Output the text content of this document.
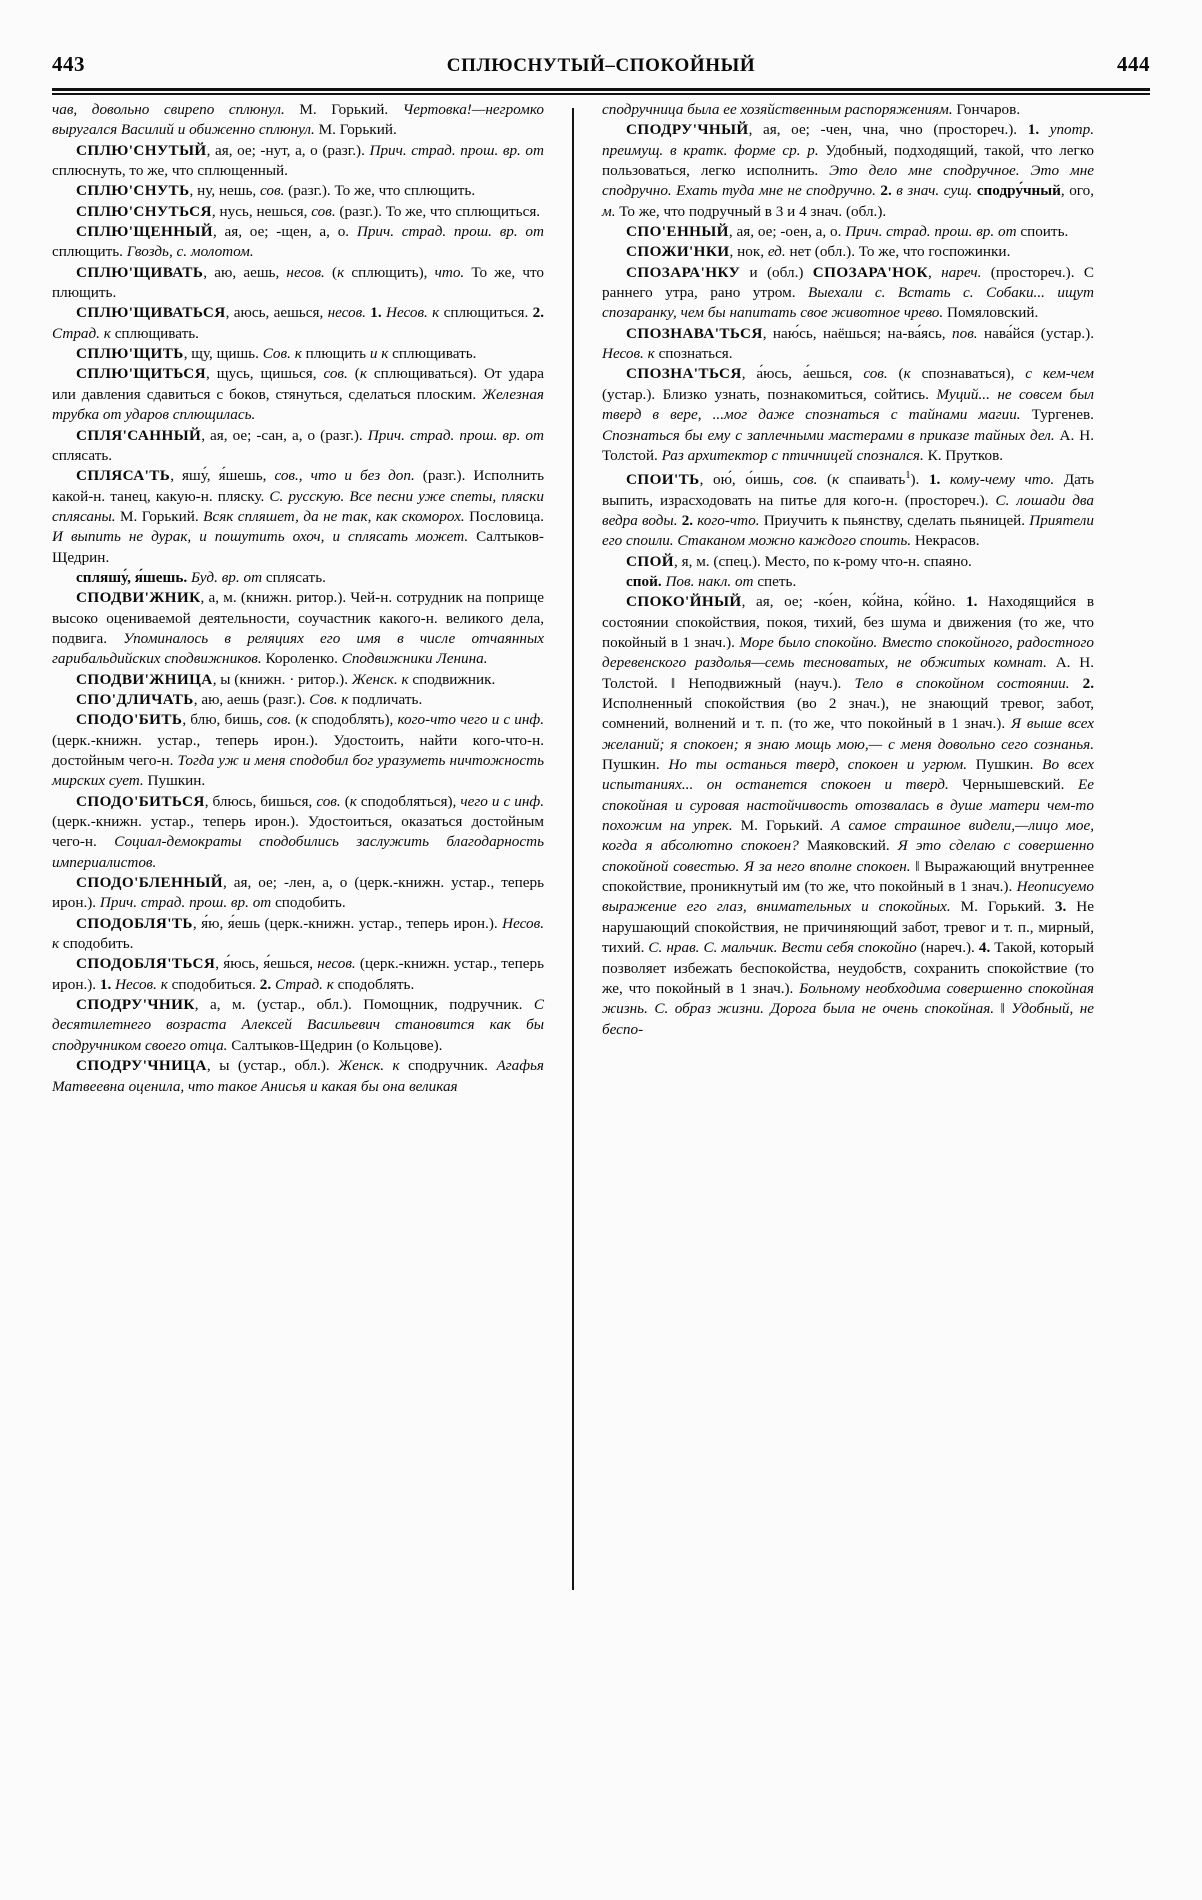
443	СПЛЮСНУТЫЙ–СПОКОЙНЫЙ	444

чав, довольно свирепо сплюнул. М. Горький. Чертовка!—негромко выругался Василий и обиженно сплюнул. М. Горький.

СПЛЮ'СНУТЫЙ, ая, ое; -нут, а, о (разг.). Прич. страд. прош. вр. от сплюснуть, то же, что сплющенный.

СПЛЮ'СНУТЬ, ну, нешь, сов. (разг.). То же, что сплющить.

СПЛЮ'СНУТЬСЯ, нусь, нешься, сов. (разг.). То же, что сплющиться.

СПЛЮ'ЩЕННЫЙ, ая, ое; -щен, а, о. Прич. страд. прош. вр. от сплющить. Гвоздь, с. молотом.

СПЛЮ'ЩИВАТЬ, аю, аешь, несов. (к сплющить), что. То же, что плющить.

СПЛЮ'ЩИВАТЬСЯ, аюсь, аешься, несов. 1. Несов. к сплющиться. 2. Страд. к сплющивать.

СПЛЮ'ЩИТЬ, щу, щишь. Сов. к плющить и к сплющивать.

СПЛЮ'ЩИТЬСЯ, щусь, щишься, сов. (к сплющиваться). От удара или давления сдавиться с боков, стянуться, сделаться плоским. Железная трубка от ударов сплющилась.

СПЛЯ'САННЫЙ, ая, ое; -сан, а, о (разг.). Прич. страд. прош. вр. от сплясать.

СПЛЯСА'ТЬ, яшу́, я́шешь, сов., что и без доп. (разг.). Исполнить какой-н. танец, какую-н. пляску. С. русскую. Все песни уже спеты, пляски сплясаны. М. Горький. Всяк спляшет, да не так, как скоморох. Пословица. И выпить не дурак, и пошутить охоч, и сплясать может. Салтыков-Щедрин.

спляшу́, я́шешь. Буд. вр. от сплясать.

СПОДВИ'ЖНИК, а, м. (книжн. ритор.). Чей-н. сотрудник на поприще высоко оцениваемой деятельности, соучастник какого-н. великого дела, подвига. Упоминалось в реляциях его имя в числе отчаянных гарибальдийских сподвижников. Короленко. Сподвижники Ленина.

СПОДВИ'ЖНИЦА, ы (книжн. · ритор.). Женск. к сподвижник.

СПО'ДЛИЧАТЬ, аю, аешь (разг.). Сов. к подличать.

СПОДО'БИТЬ, блю, бишь, сов. (к сподоблять), кого-что чего и с инф. (церк.-книжн. устар., теперь ирон.). Удостоить, найти кого-что-н. достойным чего-н. Тогда уж и меня сподобил бог уразуметь ничтожность мирских сует. Пушкин.

СПОДО'БИТЬСЯ, блюсь, бишься, сов. (к сподобляться), чего и с инф. (церк.-книжн. устар., теперь ирон.). Удостоиться, оказаться достойным чего-н. Социал-демократы сподобились заслужить благодарность империалистов.

СПОДО'БЛЕННЫЙ, ая, ое; -лен, а, о (церк.-книжн. устар., теперь ирон.). Прич. страд. прош. вр. от сподобить.

СПОДОБЛЯ'ТЬ, я́ю, я́ешь (церк.-книжн. устар., теперь ирон.). Несов. к сподобить.

СПОДОБЛЯ'ТЬСЯ, я́юсь, я́ешься, несов. (церк.-книжн. устар., теперь ирон.). 1. Несов. к сподобиться. 2. Страд. к сподоблять.

СПОДРУ'ЧНИК, а, м. (устар., обл.). Помощник, подручник. С десятилетнего возраста Алексей Васильевич становится как бы сподручником своего отца. Салтыков-Щедрин (о Кольцове).

СПОДРУ'ЧНИЦА, ы (устар., обл.). Женск. к сподручник. Агафья Матвеевна оценила, что такое Анисья и какая бы она великая

сподручница была ее хозяйственным распоряжениям. Гончаров.

СПОДРУ'ЧНЫЙ, ая, ое; -чен, чна, чно (простореч.). 1. употр. преимущ. в кратк. форме ср. р. Удобный, подходящий, такой, что легко пользоваться, легко исполнить. Это дело мне сподручное. Это мне сподручно. Ехать туда мне не сподручно. 2. в знач. сущ. сподру́чный, ого, м. То же, что подручный в 3 и 4 знач. (обл.).

СПО'ЕННЫЙ, ая, ое; -оен, а, о. Прич. страд. прош. вр. от споить.

СПОЖИ'НКИ, нок, ед. нет (обл.). То же, что госпожинки.

СПОЗАРА'НКУ и (обл.) СПОЗАРА'НОК, нареч. (простореч.). С раннего утра, рано утром. Выехали с. Встать с. Собаки... ищут спозаранку, чем бы напитать свое животное чрево. Помяловский.

СПОЗНАВА'ТЬСЯ, наю́сь, наёшься; на-ва́ясь, пов. нава́йся (устар.). Несов. к спознаться.

СПОЗНА'ТЬСЯ, а́юсь, а́ешься, сов. (к спознаваться), с кем-чем (устар.). Близко узнать, познакомиться, сойтись. Муций... не совсем был тверд в вере, ...мог даже спознаться с тайнами магии. Тургенев. Спознаться бы ему с заплечными мастерами в приказе тайных дел. А. Н. Толстой. Раз архитектор с птичницей спознался. К. Прутков.

СПОИ'ТЬ, ою́, о́ишь, сов. (к спаивать$^1$). 1. кому-чему что. Дать выпить, израсходовать на питье для кого-н. (простореч.). С. лошади два ведра воды. 2. кого-что. Приучить к пьянству, сделать пьяницей. Приятели его споили. Стаканом можно каждого споить. Некрасов.

СПОЙ, я, м. (спец.). Место, по к-рому что-н. спаяно.

спой. Пов. накл. от спеть.

СПОКО'ЙНЫЙ, ая, ое; -ко́ен, ко́йна, ко́йно. 1. Находящийся в состоянии спокойствия, покоя, тихий, без шума и движения (то же, что покойный в 1 знач.). Море было спокойно. Вместо спокойного, радостного деревенского раздолья—семь тесноватых, не обжитых комнат. А. Н. Толстой. ‖ Неподвижный (науч.). Тело в спокойном состоянии. 2. Исполненный спокойствия (во 2 знач.), не знающий тревог, забот, сомнений, волнений и т. п. (то же, что покойный в 1 знач.). Я выше всех желаний; я спокоен; я знаю мощь мою,— с меня довольно сего сознанья. Пушкин. Но ты останься тверд, спокоен и угрюм. Пушкин. Во всех испытаниях... он останется спокоен и тверд. Чернышевский. Ее спокойная и суровая настойчивость отозвалась в душе матери чем-то похожим на упрек. М. Горький. А самое страшное видели,—лицо мое, когда я абсолютно спокоен? Маяковский. Я это сделаю с совершенно спокойной совестью. Я за него вполне спокоен. ‖ Выражающий внутреннее спокойствие, проникнутый им (то же, что покойный в 1 знач.). Неописуемо выражение его глаз, внимательных и спокойных. М. Горький. 3. Не нарушающий спокойствия, не причиняющий забот, тревог и т. п., мирный, тихий. С. нрав. С. мальчик. Вести себя спокойно (нареч.). 4. Такой, который позволяет избежать беспокойства, неудобств, сохранить спокойствие (то же, что покойный в 1 знач.). Больному необходима совершенно спокойная жизнь. С. образ жизни. Дорога была не очень спокойная. ‖ Удобный, не беспо-
